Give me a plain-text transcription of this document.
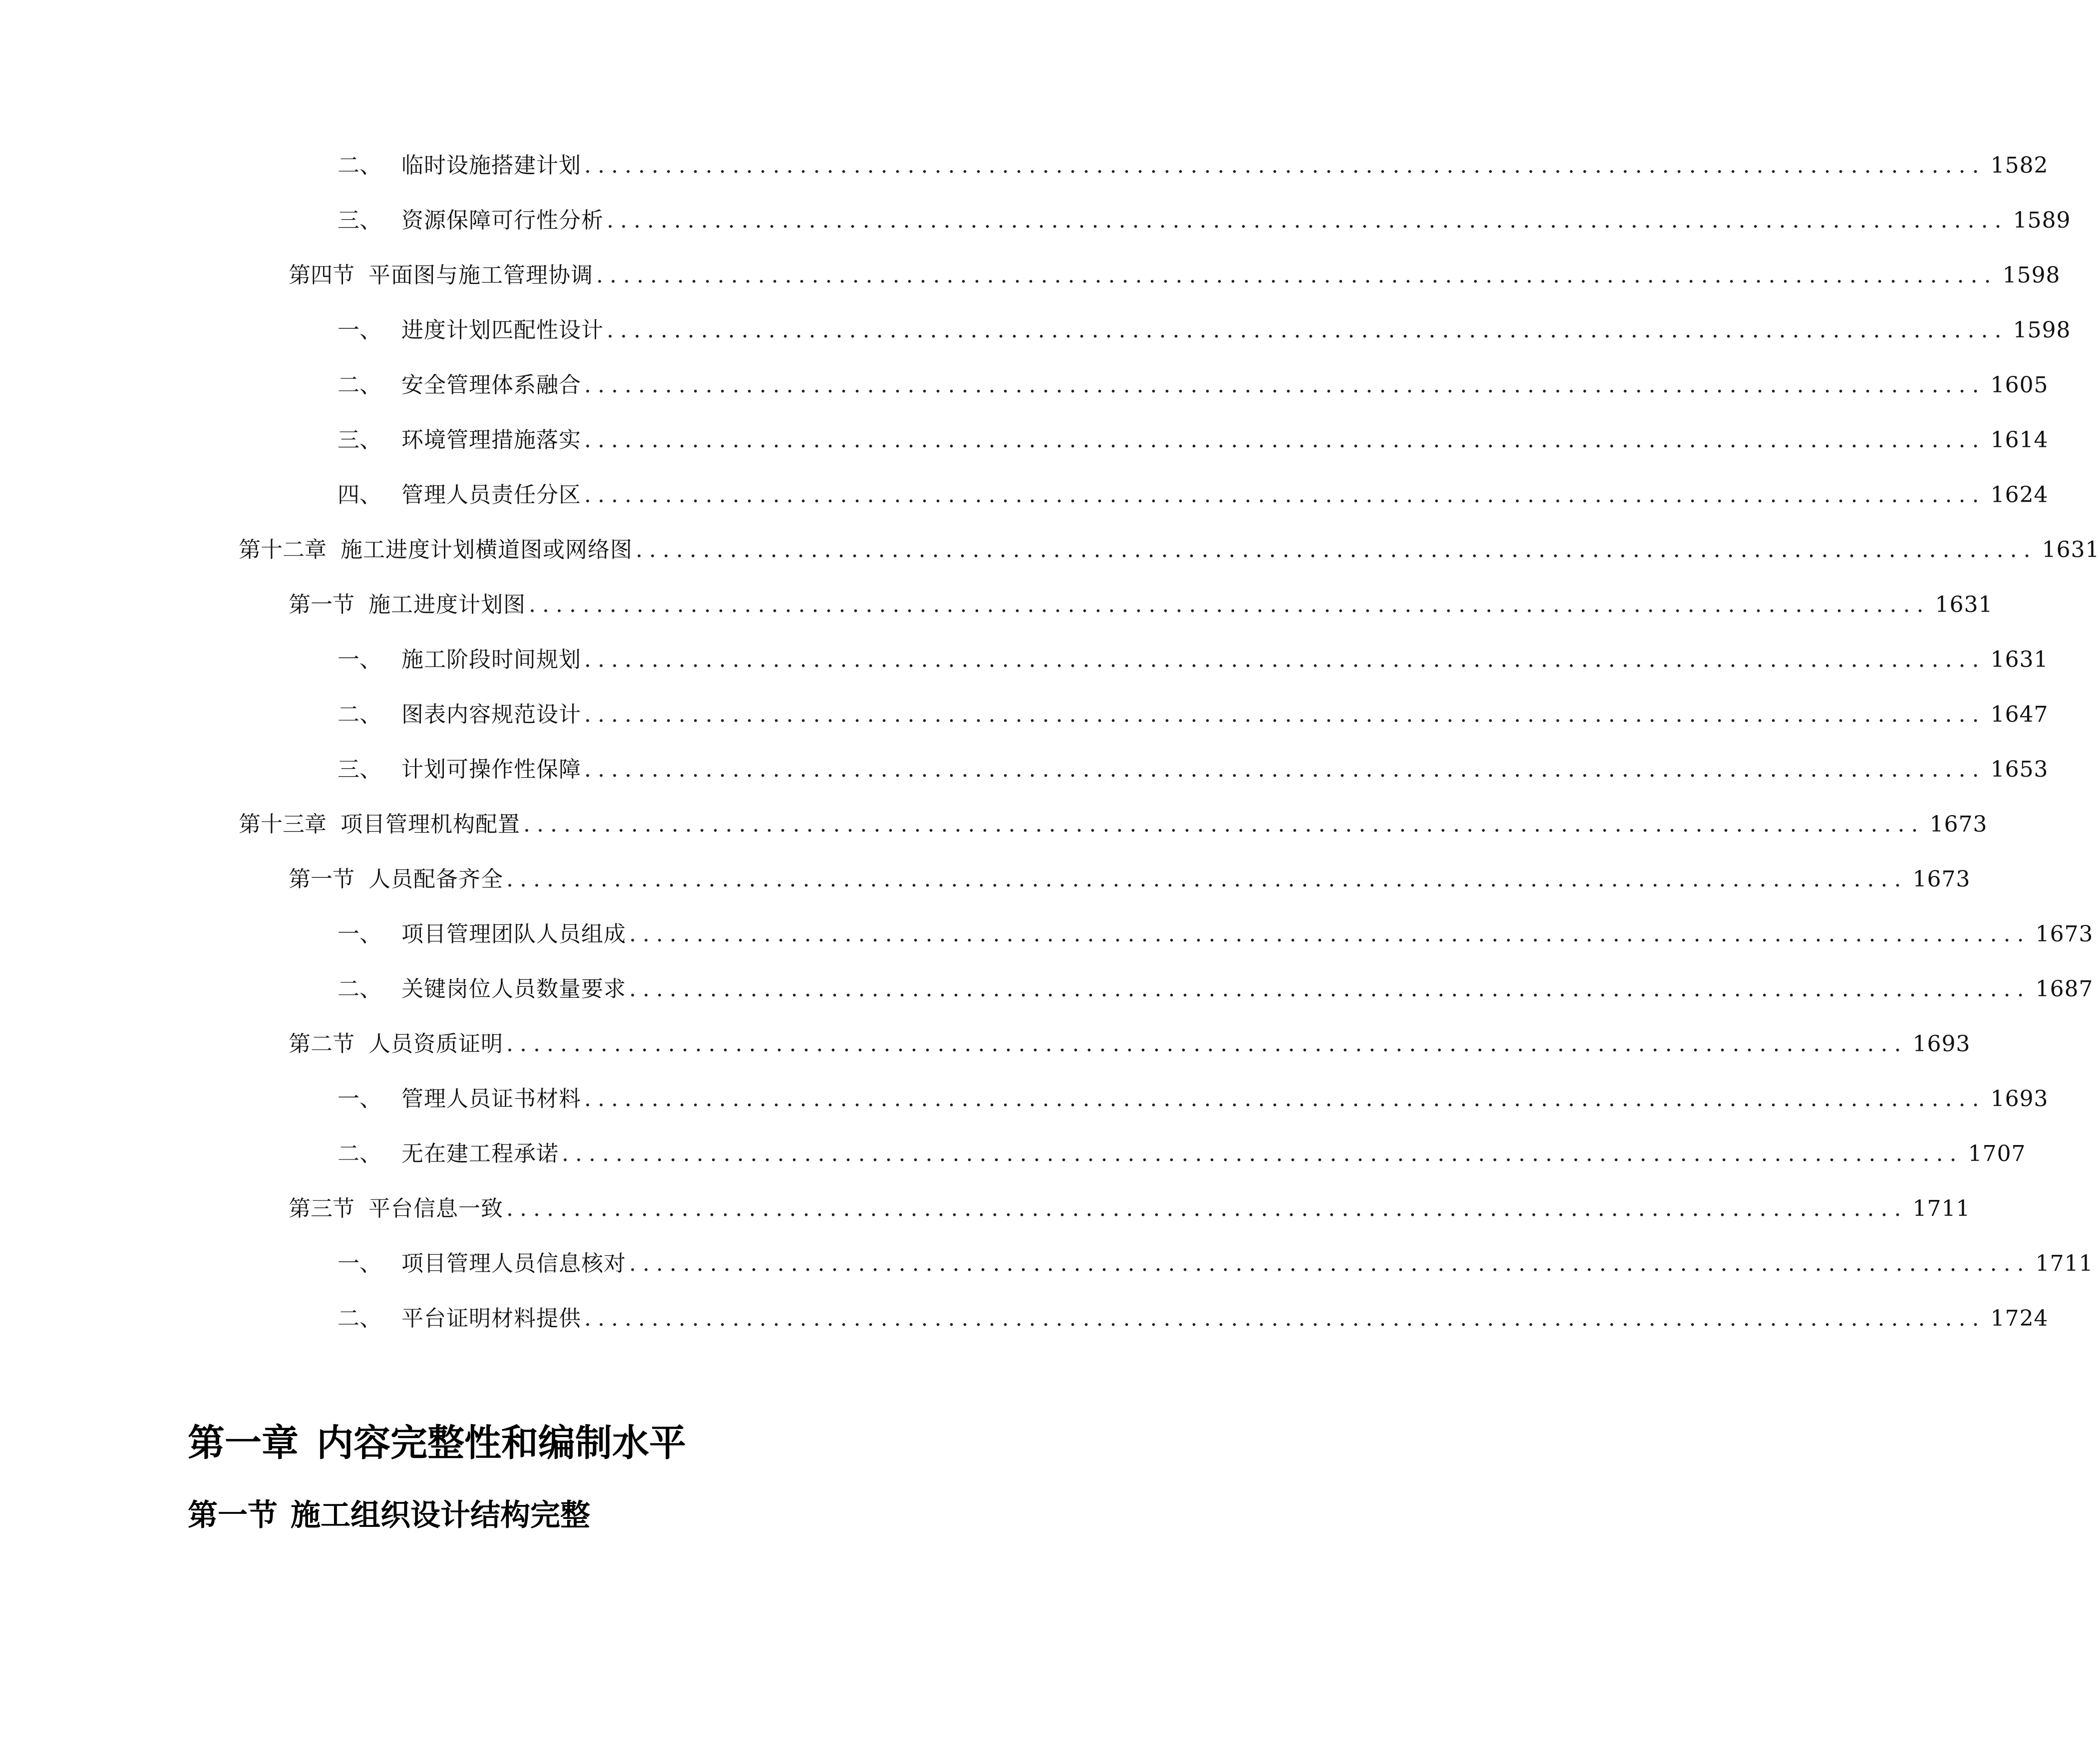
二、 临时设施搭建计划 ........................................................................................................ 1582
三、 资源保障可行性分析 ........................................................................................................ 1589
第四节 平面图与施工管理协调 ........................................................................................................ 1598
一、 进度计划匹配性设计 ........................................................................................................ 1598
二、 安全管理体系融合 ........................................................................................................ 1605
三、 环境管理措施落实 ........................................................................................................ 1614
四、 管理人员责任分区 ........................................................................................................ 1624
第十二章 施工进度计划横道图或网络图 ........................................................................................................ 1631
第一节 施工进度计划图 ........................................................................................................ 1631
一、 施工阶段时间规划 ........................................................................................................ 1631
二、 图表内容规范设计 ........................................................................................................ 1647
三、 计划可操作性保障 ........................................................................................................ 1653
第十三章 项目管理机构配置 ........................................................................................................ 1673
第一节 人员配备齐全 ........................................................................................................ 1673
一、 项目管理团队人员组成 ........................................................................................................ 1673
二、 关键岗位人员数量要求 ........................................................................................................ 1687
第二节 人员资质证明 ........................................................................................................ 1693
一、 管理人员证书材料 ........................................................................................................ 1693
二、 无在建工程承诺 ........................................................................................................ 1707
第三节 平台信息一致 ........................................................................................................ 1711
一、 项目管理人员信息核对 ........................................................................................................ 1711
二、 平台证明材料提供 ........................................................................................................ 1724
第一章 内容完整性和编制水平
第一节 施工组织设计结构完整
